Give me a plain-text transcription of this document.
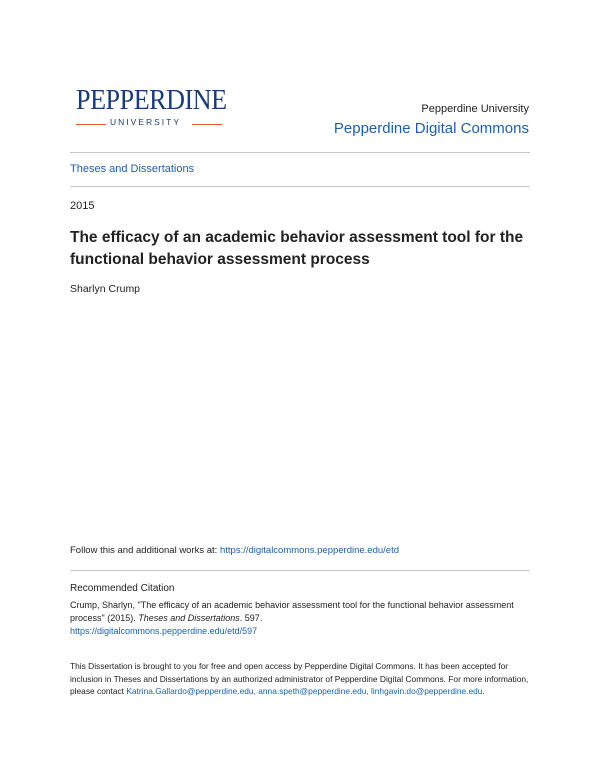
PEPPERDINE
UNIVERSITY
Pepperdine University
Pepperdine Digital Commons
Theses and Dissertations
2015
The efficacy of an academic behavior assessment tool for the functional behavior assessment process
Sharlyn Crump
Follow this and additional works at: https://digitalcommons.pepperdine.edu/etd
Recommended Citation
Crump, Sharlyn, "The efficacy of an academic behavior assessment tool for the functional behavior assessment process" (2015). Theses and Dissertations. 597.
https://digitalcommons.pepperdine.edu/etd/597
This Dissertation is brought to you for free and open access by Pepperdine Digital Commons. It has been accepted for inclusion in Theses and Dissertations by an authorized administrator of Pepperdine Digital Commons. For more information, please contact Katrina.Gallardo@pepperdine.edu, anna.speth@pepperdine.edu, linhgavin.do@pepperdine.edu.
